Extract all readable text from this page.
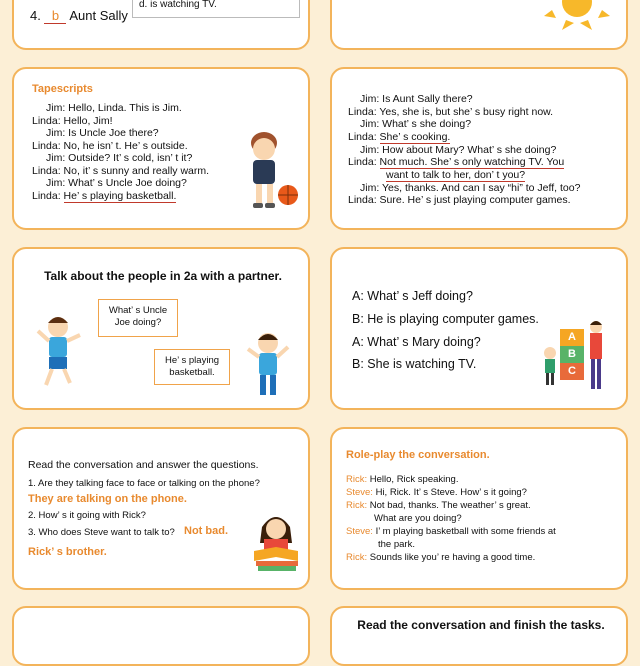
4. b Aunt Sally
d. is watching TV.
Tapescripts
Jim: Hello, Linda. This is Jim.
Linda: Hello, Jim!
Jim: Is Uncle Joe there?
Linda: No, he isn’ t. He’ s outside.
Jim: Outside? It’ s cold, isn’ t it?
Linda: No, it’ s sunny and really warm.
Jim: What’ s Uncle Joe doing?
Linda: He’ s playing basketball.
Jim: Is Aunt Sally there?
Linda: Yes, she is, but she’ s busy right now.
Jim: What’ s she doing?
Linda: She’ s cooking.
Jim: How about Mary? What’ s she doing?
Linda: Not much. She’ s only watching TV. You
want to talk to her, don’ t you?
Jim: Yes, thanks. And can I say “hi” to Jeff, too?
Linda: Sure. He’ s just playing computer games.
Talk about the people in 2a with a partner.
What’ s Uncle Joe doing?
He’ s playing basketball.
A: What’ s Jeff doing?
B: He is playing computer games.
A: What’ s Mary doing?
B: She is watching TV.
A
B
C
Read the conversation and answer the questions.
1. Are they talking face to face or talking on the phone?
They are talking on the phone.
2. How’ s it going with Rick?
3. Who does Steve want to talk to? Not bad.
Rick’ s brother.
Role-play the conversation.
Rick: Hello, Rick speaking.
Steve: Hi, Rick. It’ s Steve. How’ s it going?
Rick: Not bad, thanks. The weather’ s great.
What are you doing?
Steve: I’ m playing basketball with some friends at
the park.
Rick: Sounds like you’ re having a good time.
Read the conversation and finish the tasks.
